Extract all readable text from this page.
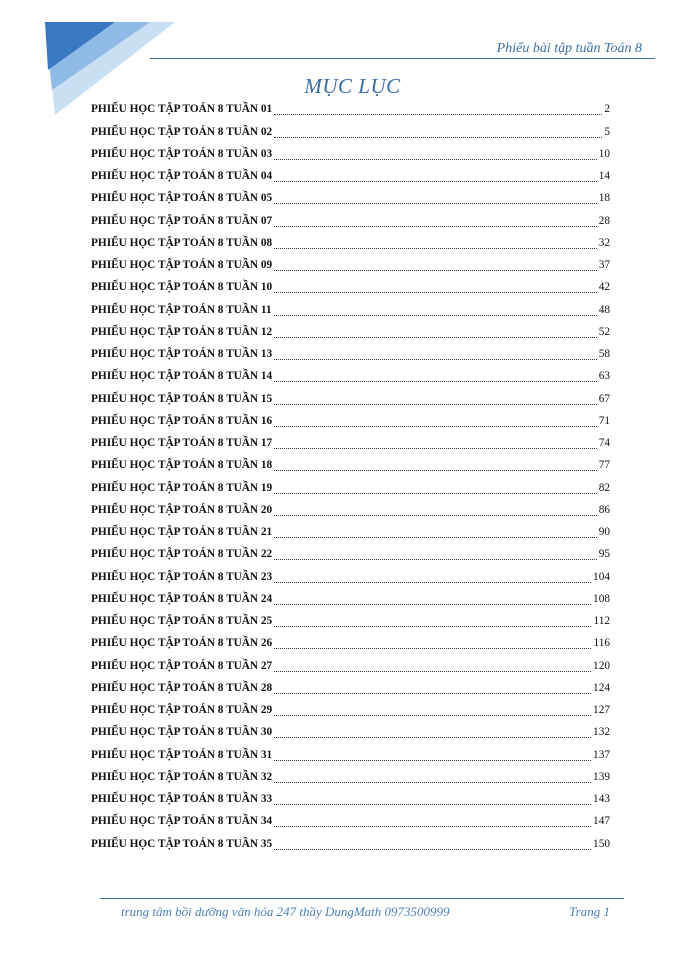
Phiếu bài tập tuần Toán 8
MỤC LỤC
PHIẾU HỌC TẬP TOÁN 8 TUẦN 01	2
PHIẾU HỌC TẬP TOÁN 8 TUẦN 02	5
PHIẾU HỌC TẬP TOÁN 8 TUẦN 03	10
PHIẾU HỌC TẬP TOÁN 8 TUẦN 04	14
PHIẾU HỌC TẬP TOÁN 8 TUẦN 05	18
PHIẾU HỌC TẬP TOÁN 8 TUẦN 07	28
PHIẾU HỌC TẬP TOÁN 8 TUẦN 08	32
PHIẾU HỌC TẬP TOÁN 8 TUẦN 09	37
PHIẾU HỌC TẬP TOÁN 8 TUẦN 10	42
PHIẾU HỌC TẬP TOÁN 8 TUẦN 11	48
PHIẾU HỌC TẬP TOÁN 8 TUẦN 12	52
PHIẾU HỌC TẬP TOÁN 8 TUẦN 13	58
PHIẾU HỌC TẬP TOÁN 8 TUẦN 14	63
PHIẾU HỌC TẬP TOÁN 8 TUẦN 15	67
PHIẾU HỌC TẬP TOÁN 8 TUẦN 16	71
PHIẾU HỌC TẬP TOÁN 8 TUẦN 17	74
PHIẾU HỌC TẬP TOÁN 8 TUẦN 18	77
PHIẾU HỌC TẬP TOÁN 8 TUẦN 19	82
PHIẾU HỌC TẬP TOÁN 8 TUẦN 20	86
PHIẾU HỌC TẬP TOÁN 8 TUẦN 21	90
PHIẾU HỌC TẬP TOÁN 8 TUẦN 22	95
PHIẾU HỌC TẬP TOÁN 8 TUẦN 23	104
PHIẾU HỌC TẬP TOÁN 8 TUẦN 24	108
PHIẾU HỌC TẬP TOÁN 8 TUẦN 25	112
PHIẾU HỌC TẬP TOÁN 8 TUẦN 26	116
PHIẾU HỌC TẬP TOÁN 8 TUẦN 27	120
PHIẾU HỌC TẬP TOÁN 8 TUẦN 28	124
PHIẾU HỌC TẬP TOÁN 8 TUẦN 29	127
PHIẾU HỌC TẬP TOÁN 8 TUẦN 30	132
PHIẾU HỌC TẬP TOÁN 8 TUẦN 31	137
PHIẾU HỌC TẬP TOÁN 8 TUẦN 32	139
PHIẾU HỌC TẬP TOÁN 8 TUẦN 33	143
PHIẾU HỌC TẬP TOÁN 8 TUẦN 34	147
PHIẾU HỌC TẬP TOÁN 8 TUẦN 35	150
trung tâm bồi dưỡng văn hóa 247 thầy DungMath 0973500999	Trang 1
